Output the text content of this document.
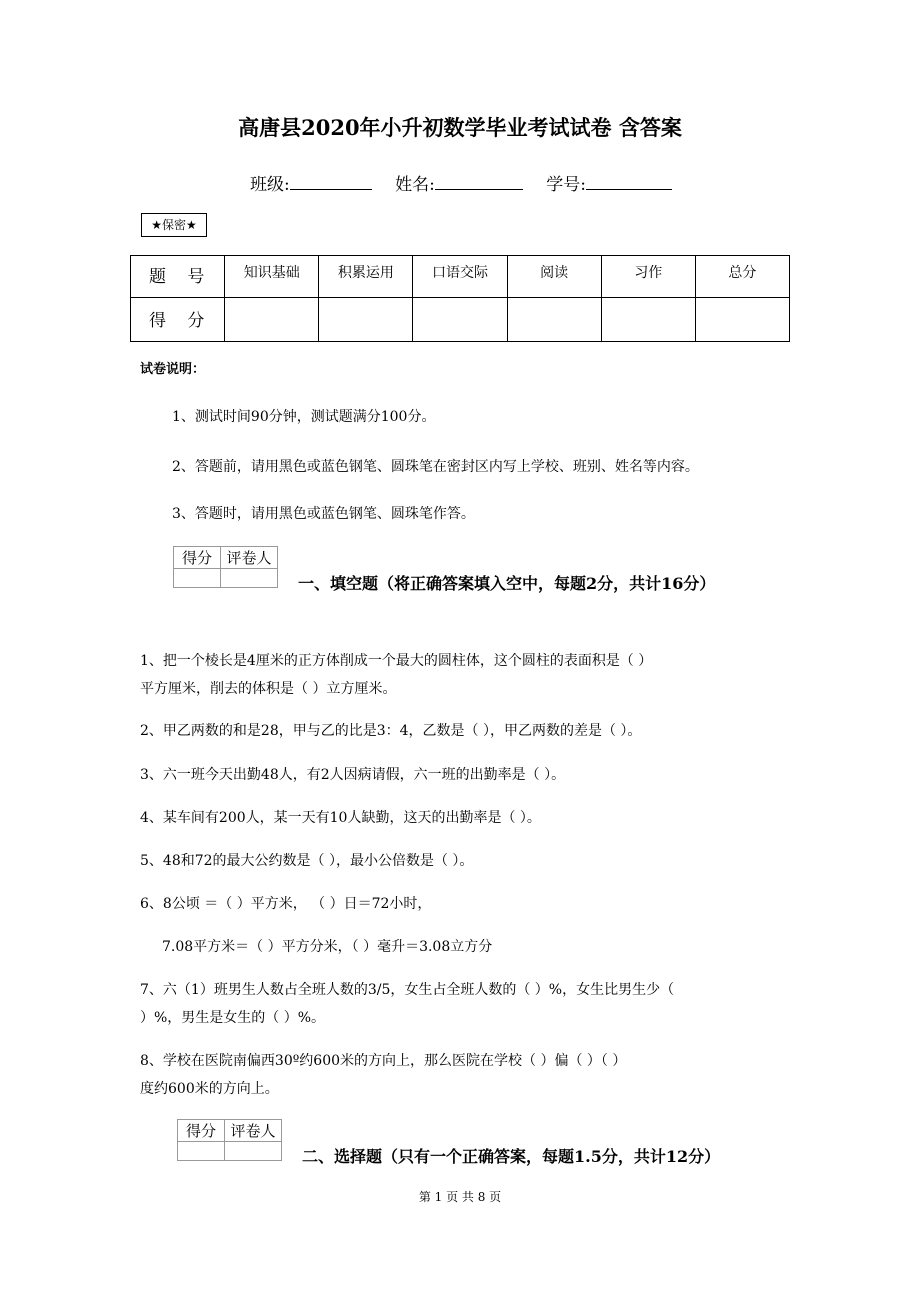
高唐县2020年小升初数学毕业考试试卷 含答案
班级:	姓名:	学号:
★保密★
题 号	知识基础	积累运用	口语交际	阅读	习作	总分
得 分						
试卷说明：
1、测试时间90分钟，测试题满分100分。
2、答题前，请用黑色或蓝色钢笔、圆珠笔在密封区内写上学校、班别、姓名等内容。
3、答题时，请用黑色或蓝色钢笔、圆珠笔作答。
得分	评卷人

一、填空题（将正确答案填入空中，每题2分，共计16分）
1、把一个棱长是4厘米的正方体削成一个最大的圆柱体，这个圆柱的表面积是（ ）
平方厘米，削去的体积是（ ）立方厘米。
2、甲乙两数的和是28，甲与乙的比是3：4，乙数是（ ），甲乙两数的差是（ ）。
3、六一班今天出勤48人，有2人因病请假，六一班的出勤率是（ ）。
4、某车间有200人，某一天有10人缺勤，这天的出勤率是（ ）。
5、48和72的最大公约数是（ ），最小公倍数是（ ）。
6、8公顷 ＝（ ）平方米， （ ）日＝72小时，
7.08平方米＝（ ）平方分米，（ ）毫升＝3.08立方分
7、六（1）班男生人数占全班人数的3/5，女生占全班人数的（ ）%，女生比男生少（
）%，男生是女生的（ ）%。
8、学校在医院南偏西30º约600米的方向上，那么医院在学校（ ）偏（ ）（ ）
度约600米的方向上。
得分	评卷人

二、选择题（只有一个正确答案，每题1.5分，共计12分）
第 1 页 共 8 页
